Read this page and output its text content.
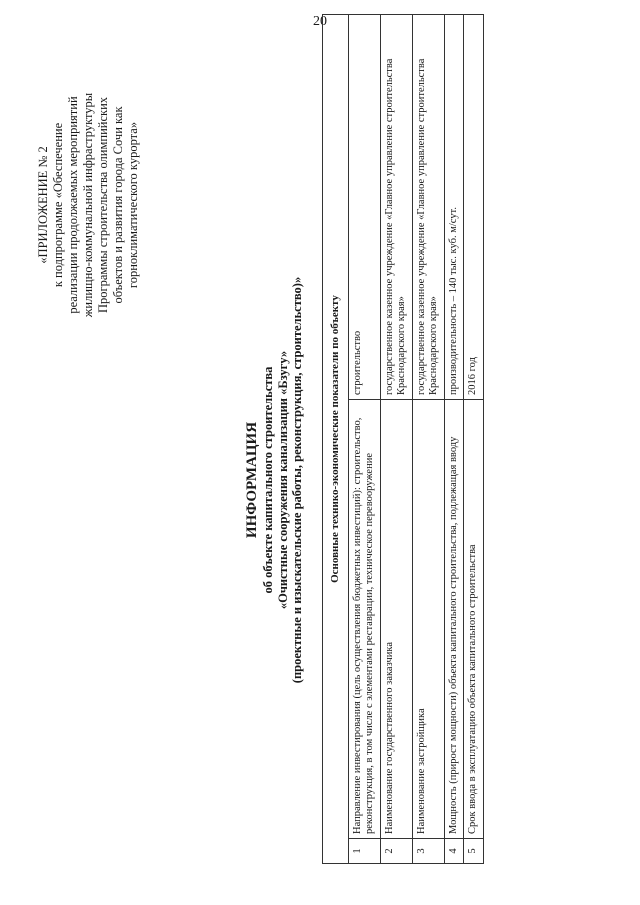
20
«ПРИЛОЖЕНИЕ № 2 к подпрограмме «Обеспечение реализации продолжаемых мероприятий жилищно-коммунальной инфраструктуры Программы строительства олимпийских объектов и развития города Сочи как горноклиматического курорта»
ИНФОРМАЦИЯ об объекте капитального строительства «Очистные сооружения канализации «Бзугу» (проектные и изыскательские работы, реконструкция, строительство)» Основные технико-экономические показатели по объекту		
1	Направление инвестирования (цель осуществления бюджетных инвестиций): строительство, реконструкция, в том числе с элементами реставрации, техническое перевооружение	строительство
2	Наименование государственного заказчика	государственное казенное учреждение «Главное управление строительства Краснодарского края»
3	Наименование застройщика	государственное казенное учреждение «Главное управление строительства Краснодарского края»
4	Мощность (прирост мощности) объекта капитального строительства, подлежащая вводу	производительность – 140 тыс. куб. м/сут.
5	Срок ввода в эксплуатацию объекта капитального строительства	2016 год
